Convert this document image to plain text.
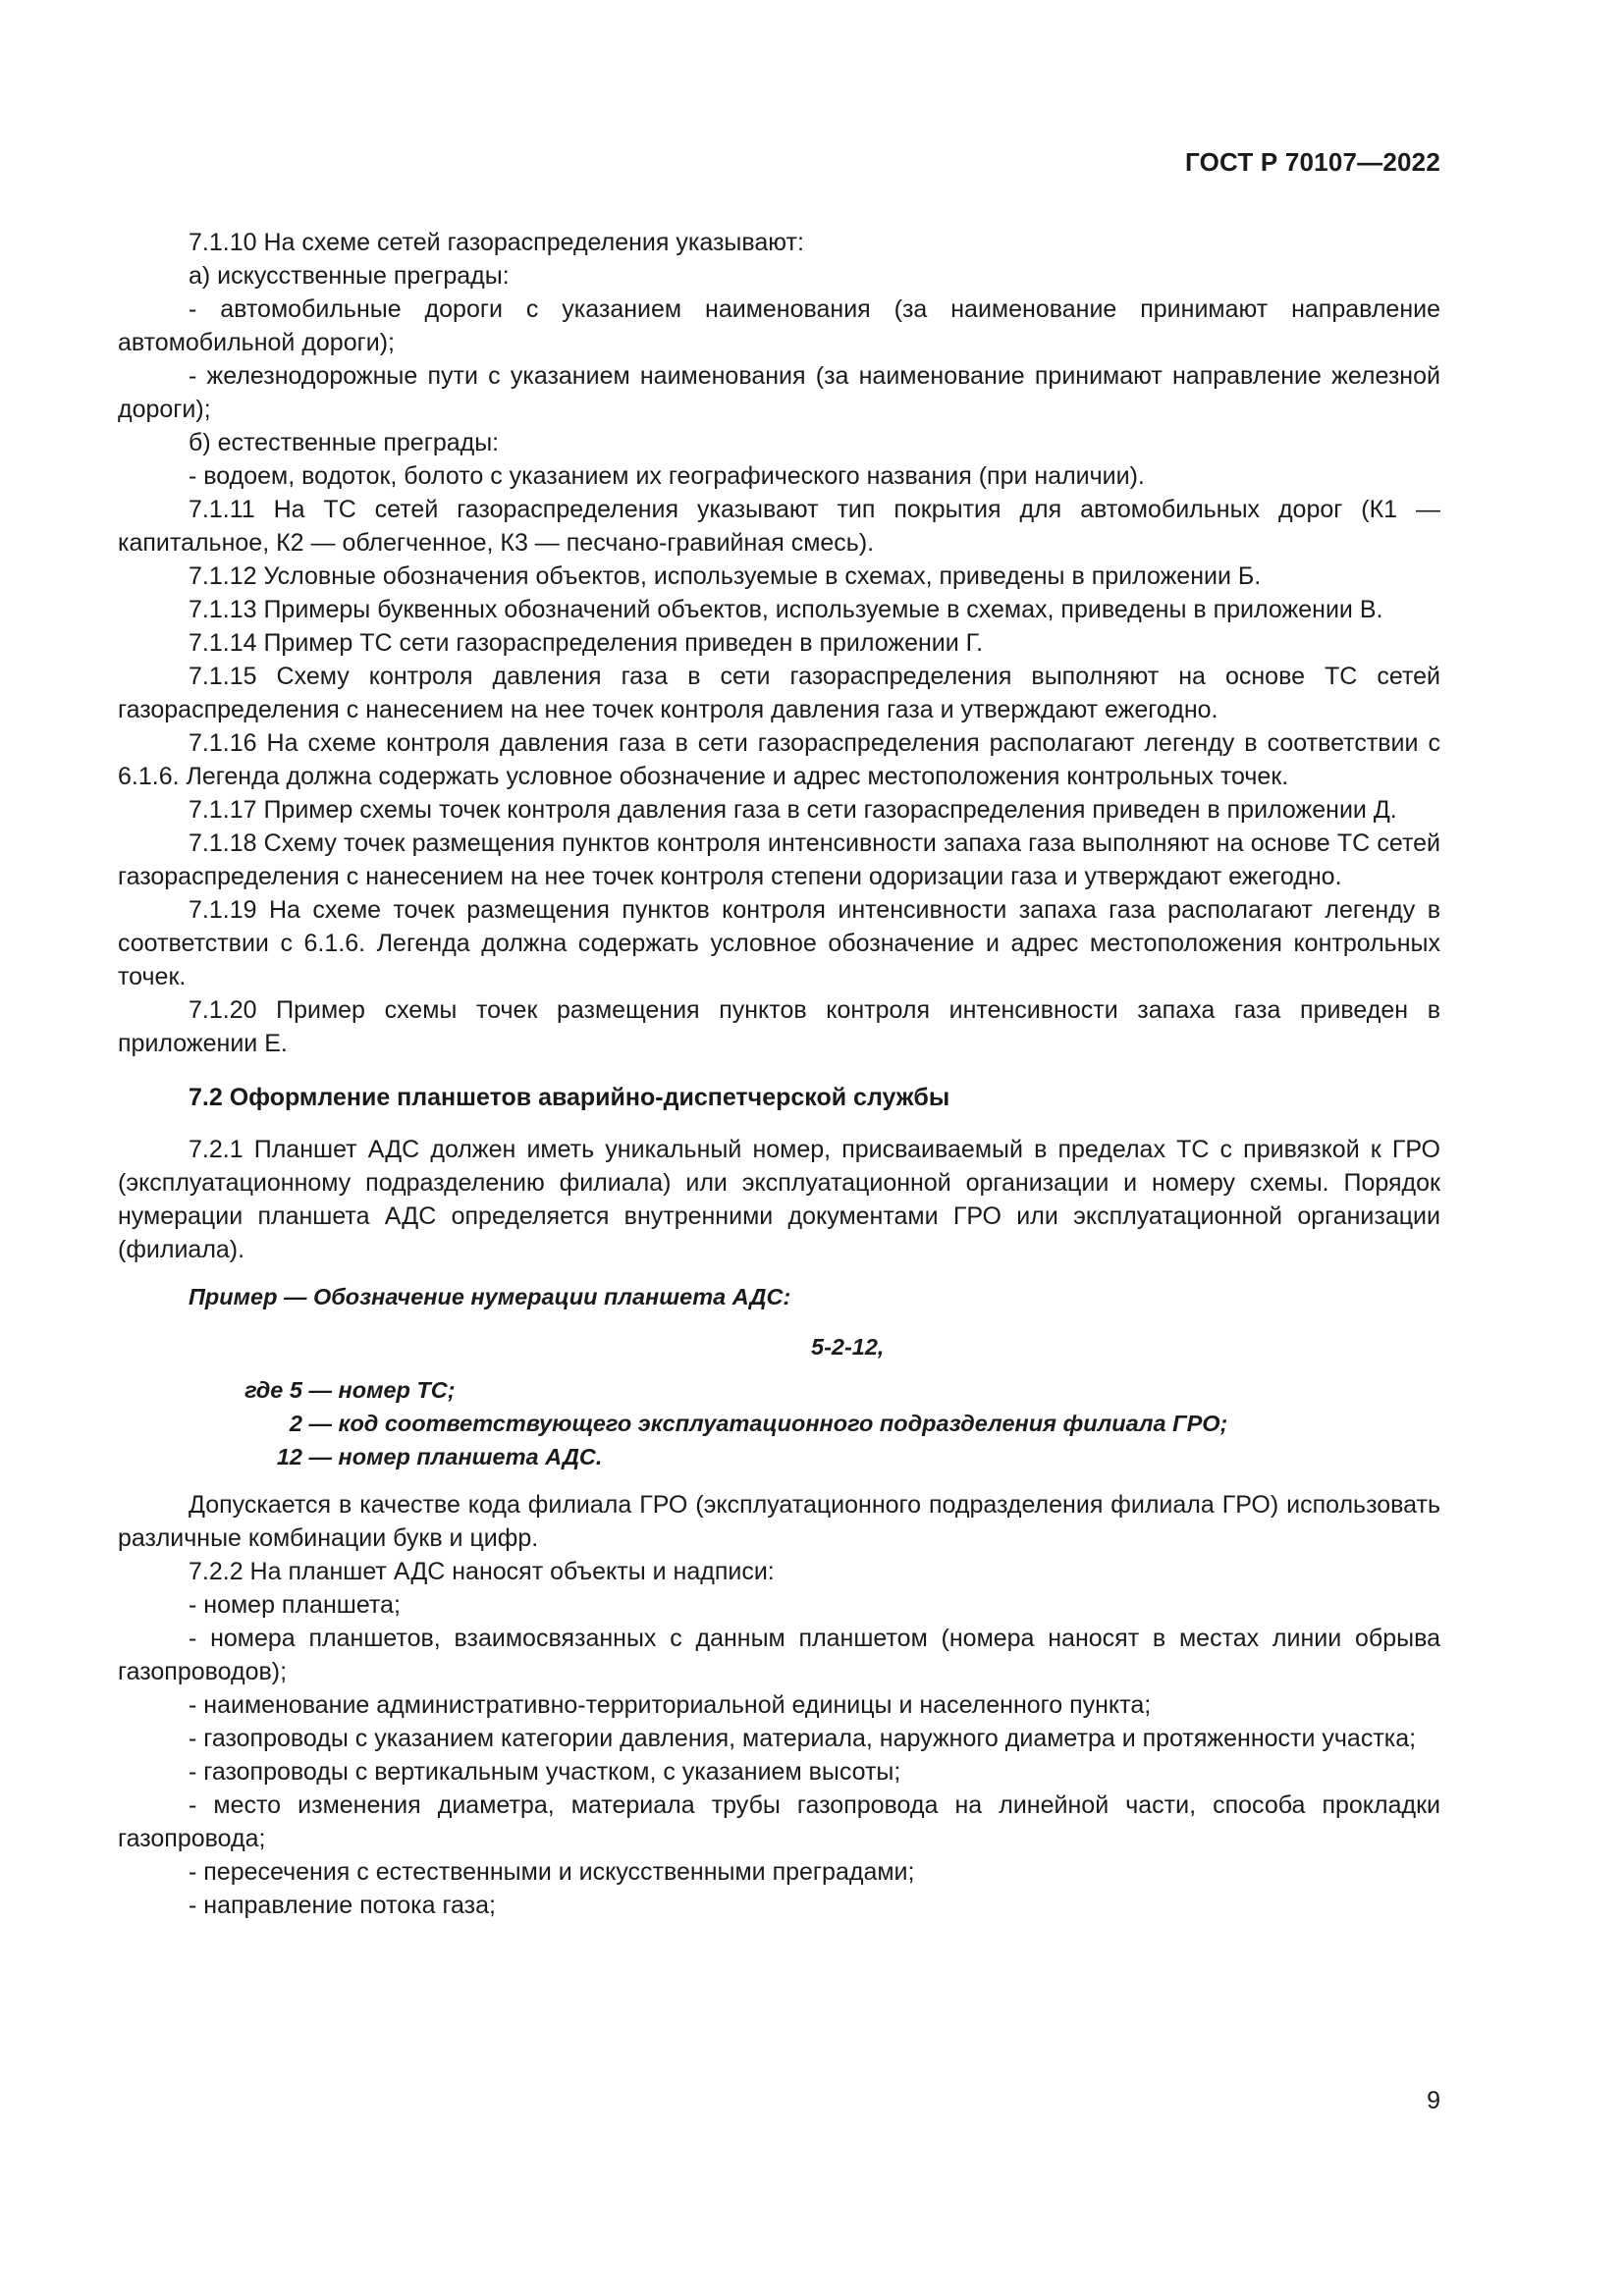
ГОСТ Р 70107—2022

7.1.10 На схеме сетей газораспределения указывают:

а) искусственные преграды:

- автомобильные дороги с указанием наименования (за наименование принимают направление автомобильной дороги);

- железнодорожные пути с указанием наименования (за наименование принимают направление железной дороги);

б) естественные преграды:

- водоем, водоток, болото с указанием их географического названия (при наличии).

7.1.11 На ТС сетей газораспределения указывают тип покрытия для автомобильных дорог (К1 — капитальное, К2 — облегченное, К3 — песчано-гравийная смесь).

7.1.12 Условные обозначения объектов, используемые в схемах, приведены в приложении Б.

7.1.13 Примеры буквенных обозначений объектов, используемые в схемах, приведены в приложении В.

7.1.14 Пример ТС сети газораспределения приведен в приложении Г.

7.1.15 Схему контроля давления газа в сети газораспределения выполняют на основе ТС сетей газораспределения с нанесением на нее точек контроля давления газа и утверждают ежегодно.

7.1.16 На схеме контроля давления газа в сети газораспределения располагают легенду в соответствии с 6.1.6. Легенда должна содержать условное обозначение и адрес местоположения контрольных точек.

7.1.17 Пример схемы точек контроля давления газа в сети газораспределения приведен в приложении Д.

7.1.18 Схему точек размещения пунктов контроля интенсивности запаха газа выполняют на основе ТС сетей газораспределения с нанесением на нее точек контроля степени одоризации газа и утверждают ежегодно.

7.1.19 На схеме точек размещения пунктов контроля интенсивности запаха газа располагают легенду в соответствии с 6.1.6. Легенда должна содержать условное обозначение и адрес местоположения контрольных точек.

7.1.20 Пример схемы точек размещения пунктов контроля интенсивности запаха газа приведен в приложении Е.

7.2 Оформление планшетов аварийно-диспетчерской службы

7.2.1 Планшет АДС должен иметь уникальный номер, присваиваемый в пределах ТС с привязкой к ГРО (эксплуатационному подразделению филиала) или эксплуатационной организации и номеру схемы. Порядок нумерации планшета АДС определяется внутренними документами ГРО или эксплуатационной организации (филиала).

Пример — Обозначение нумерации планшета АДС:
5-2-12,
где 5 — номер ТС;
2 — код соответствующего эксплуатационного подразделения филиала ГРО;
12 — номер планшета АДС.

Допускается в качестве кода филиала ГРО (эксплуатационного подразделения филиала ГРО) использовать различные комбинации букв и цифр.

7.2.2 На планшет АДС наносят объекты и надписи:

- номер планшета;

- номера планшетов, взаимосвязанных с данным планшетом (номера наносят в местах линии обрыва газопроводов);

- наименование административно-территориальной единицы и населенного пункта;

- газопроводы с указанием категории давления, материала, наружного диаметра и протяженности участка;

- газопроводы с вертикальным участком, с указанием высоты;

- место изменения диаметра, материала трубы газопровода на линейной части, способа прокладки газопровода;

- пересечения с естественными и искусственными преградами;

- направление потока газа;

9
